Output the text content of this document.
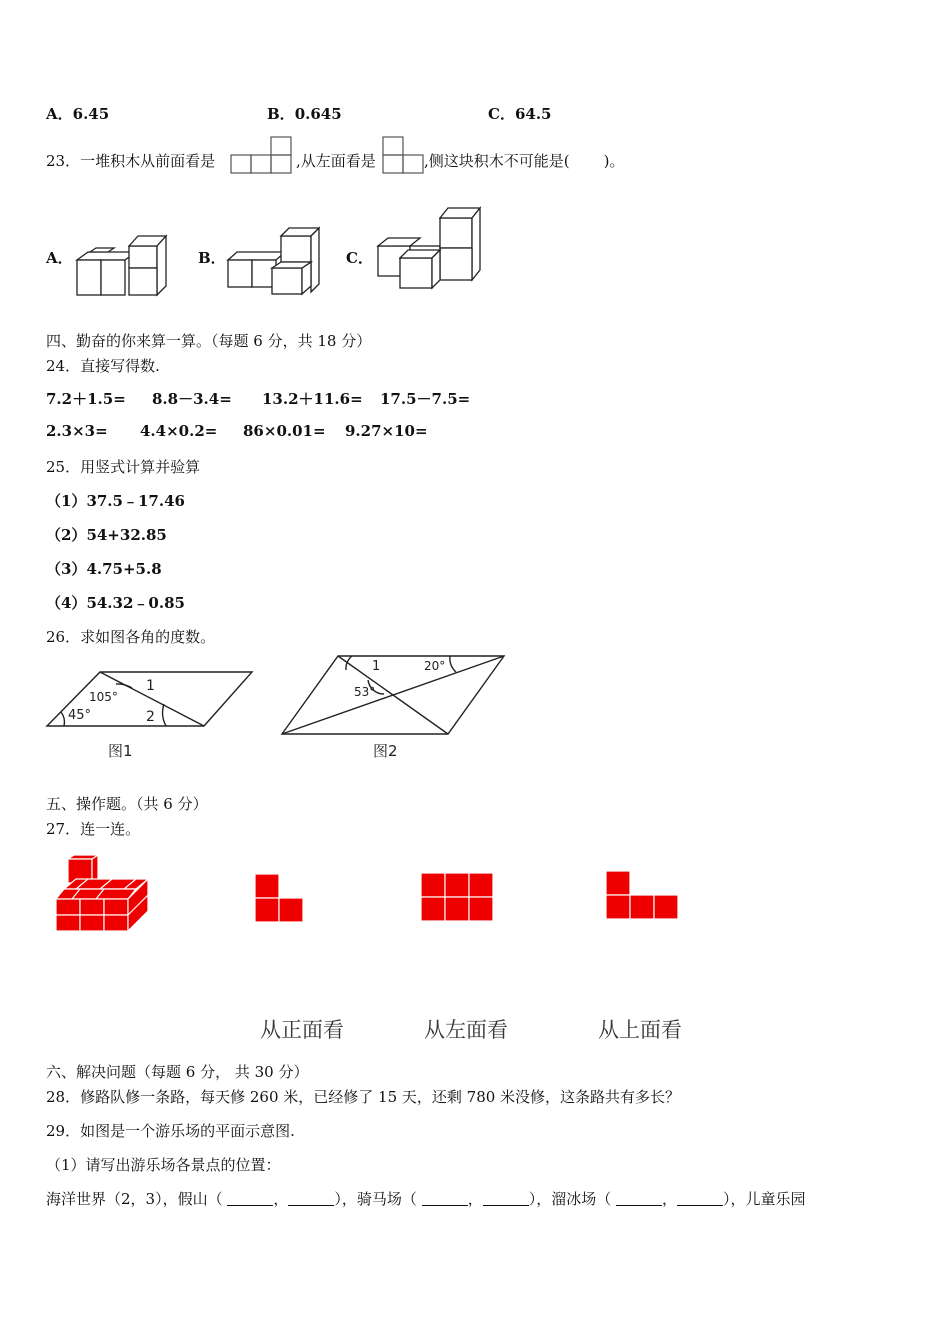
A．6.45	B．0.645	C．64.5
23．一堆积木从前面看是	,从左面看是	,侧这块积木不可能是( )。
A．	B．	C．
四、勤奋的你来算一算。（每题 6 分，共 18 分）
24．直接写得数.
7.2＋1.5= 8.8－3.4= 13.2＋11.6= 17.5－7.5=
2.3×3= 4.4×0.2= 86×0.01= 9.27×10=
25．用竖式计算并验算
（1）37.5﹣17.46
（2）54+32.85
（3）4.75+5.8
（4）54.32﹣0.85
26．求如图各角的度数。
105°
1
45°	2
图1
1	20°
53°
图2
五、操作题。（共 6 分）
27．连一连。
从正面看	从左面看	从上面看
六、解决问题（每题 6 分， 共 30 分）
28．修路队修一条路，每天修 260 米，已经修了 15 天，还剩 780 米没修，这条路共有多长？
29．如图是一个游乐场的平面示意图.
（1）请写出游乐场各景点的位置：
海洋世界（2，3），假山（	，	），骑马场（	，	），溜冰场（	，	），儿童乐园
